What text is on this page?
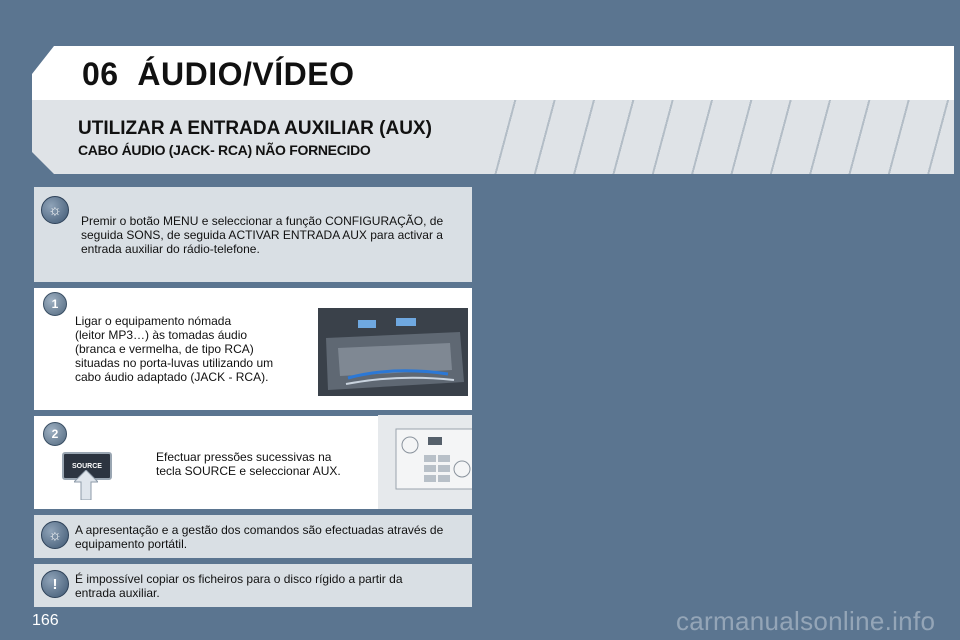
06 ÁUDIO/VÍDEO
UTILIZAR A ENTRADA AUXILIAR (AUX)
CABO ÁUDIO (JACK- RCA) NÃO FORNECIDO
☼
Premir o botão MENU e seleccionar a função CONFIGURAÇÃO, de seguida SONS, de seguida ACTIVAR ENTRADA AUX para activar a entrada auxiliar do rádio-telefone.
1
Ligar o equipamento nómada
(leitor MP3…) às tomadas áudio
(branca e vermelha, de tipo RCA)
situadas no porta-luvas utilizando um
cabo áudio adaptado (JACK - RCA).
2
Efectuar pressões sucessivas na
tecla SOURCE e seleccionar AUX.
SOURCE
☼	A apresentação e a gestão dos comandos são efectuadas através de
equipamento portátil.
!	É impossível copiar os ficheiros para o disco rígido a partir da
entrada auxiliar.
166	carmanualsonline.info
